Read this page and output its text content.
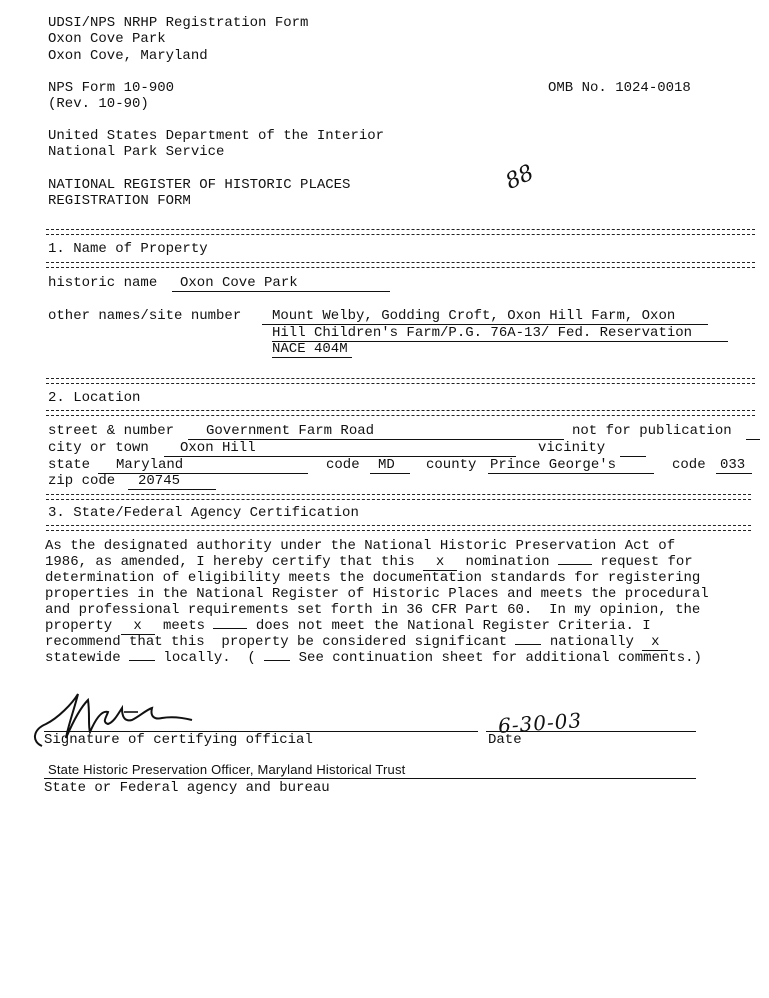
UDSI/NPS NRHP Registration Form
Oxon Cove Park
Oxon Cove, Maryland
NPS Form 10-900
(Rev. 10-90)
OMB No. 1024-0018
United States Department of the Interior
National Park Service
NATIONAL REGISTER OF HISTORIC PLACES
REGISTRATION FORM
88
1. Name of Property
historic name Oxon Cove Park
other names/site number Mount Welby, Godding Croft, Oxon Hill Farm, Oxon
Hill Children's Farm/P.G. 76A-13/ Fed. Reservation
NACE 404M
2. Location
street & number Government Farm Road	not for publication
city or town Oxon Hill	vicinity
state Maryland	code MD county Prince George's	code 033
zip code 20745
3. State/Federal Agency Certification
As the designated authority under the National Historic Preservation Act of
1986, as amended, I hereby certify that this x nomination  request for
determination of eligibility meets the documentation standards for registering
properties in the National Register of Historic Places and meets the procedural
and professional requirements set forth in 36 CFR Part 60.  In my opinion, the
property x meets  does not meet the National Register Criteria. I
recommend that this  property be considered significant  nationally x
statewide  locally.  (  See continuation sheet for additional comments.)
Signature of certifying official
6-30-03
Date
State Historic Preservation Officer, Maryland Historical Trust
State or Federal agency and bureau
